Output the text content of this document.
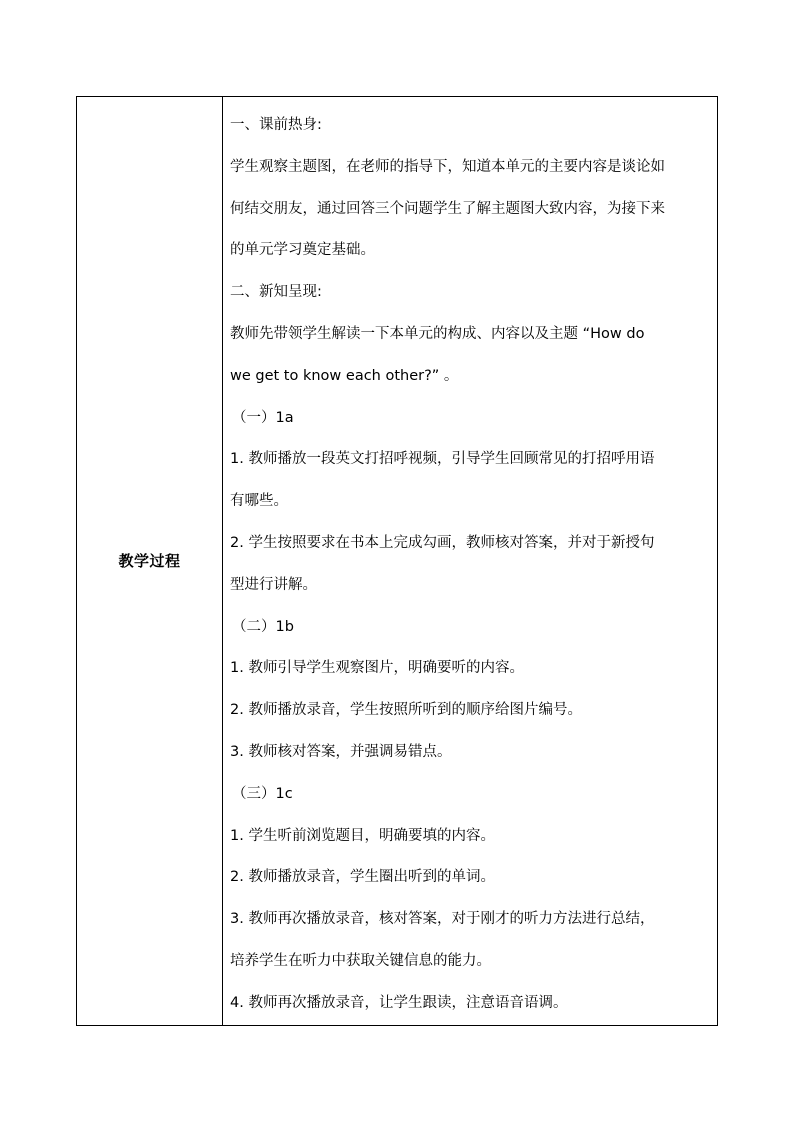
教学过程	
一、课前热身:
学生观察主题图，在老师的指导下，知道本单元的主要内容是谈论如
何结交朋友，通过回答三个问题学生了解主题图大致内容，为接下来
的单元学习奠定基础。
二、新知呈现:
教师先带领学生解读一下本单元的构成、内容以及主题 “How do
we get to know each other?” 。
（一）1a
1. 教师播放一段英文打招呼视频，引导学生回顾常见的打招呼用语
有哪些。
2. 学生按照要求在书本上完成勾画，教师核对答案，并对于新授句
型进行讲解。
（二）1b
1. 教师引导学生观察图片，明确要听的内容。
2. 教师播放录音，学生按照所听到的顺序给图片编号。
3. 教师核对答案，并强调易错点。
（三）1c
1. 学生听前浏览题目，明确要填的内容。
2. 教师播放录音，学生圈出听到的单词。
3. 教师再次播放录音，核对答案，对于刚才的听力方法进行总结，
培养学生在听力中获取关键信息的能力。
4. 教师再次播放录音，让学生跟读，注意语音语调。
